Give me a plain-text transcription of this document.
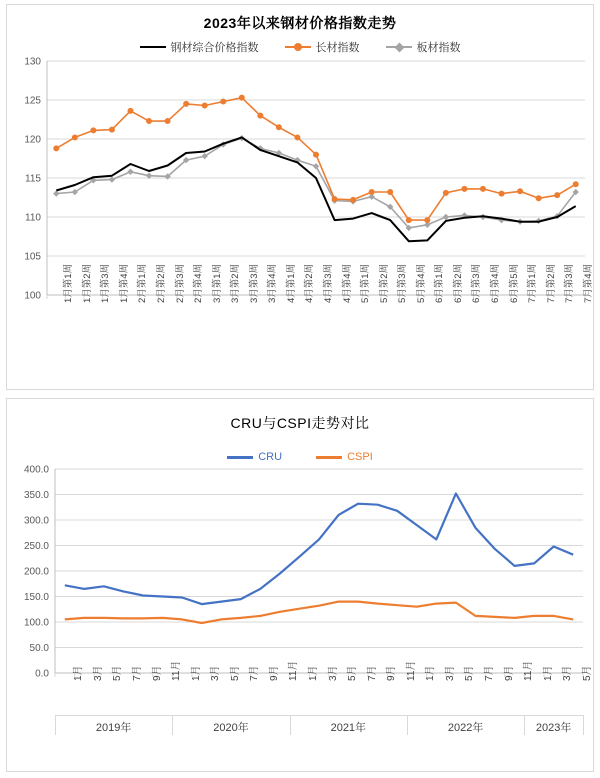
2023年以来钢材价格指数走势
钢材综合价格指数	长材指数	板材指数
100
105
110
115
120
125
130
1月第1周 1月第2周 1月第3周 1月第4周 2月第1周 2月第2周 2月第3周 2月第4周 3月第1周 3月第2周 3月第3周 3月第4周 4月第1周 4月第2周 4月第3周 4月第4周 5月第1周 5月第2周 5月第3周 5月第4周 6月第1周 6月第2周 6月第3周 6月第4周 6月第5周 7月第1周 7月第2周 7月第3周 7月第4周
CRU与CSPI走势对比
CRU	CSPI
0.0
50.0
100.0
150.0
200.0
250.0
300.0
350.0
400.0
1月 3月 5月 7月 9月 11月 1月 3月 5月 7月 9月 11月 1月 3月 5月 7月 9月 11月 1月 3月 5月 7月 9月 11月 1月 3月 5月
2019年	2020年	2021年	2022年	2023年
